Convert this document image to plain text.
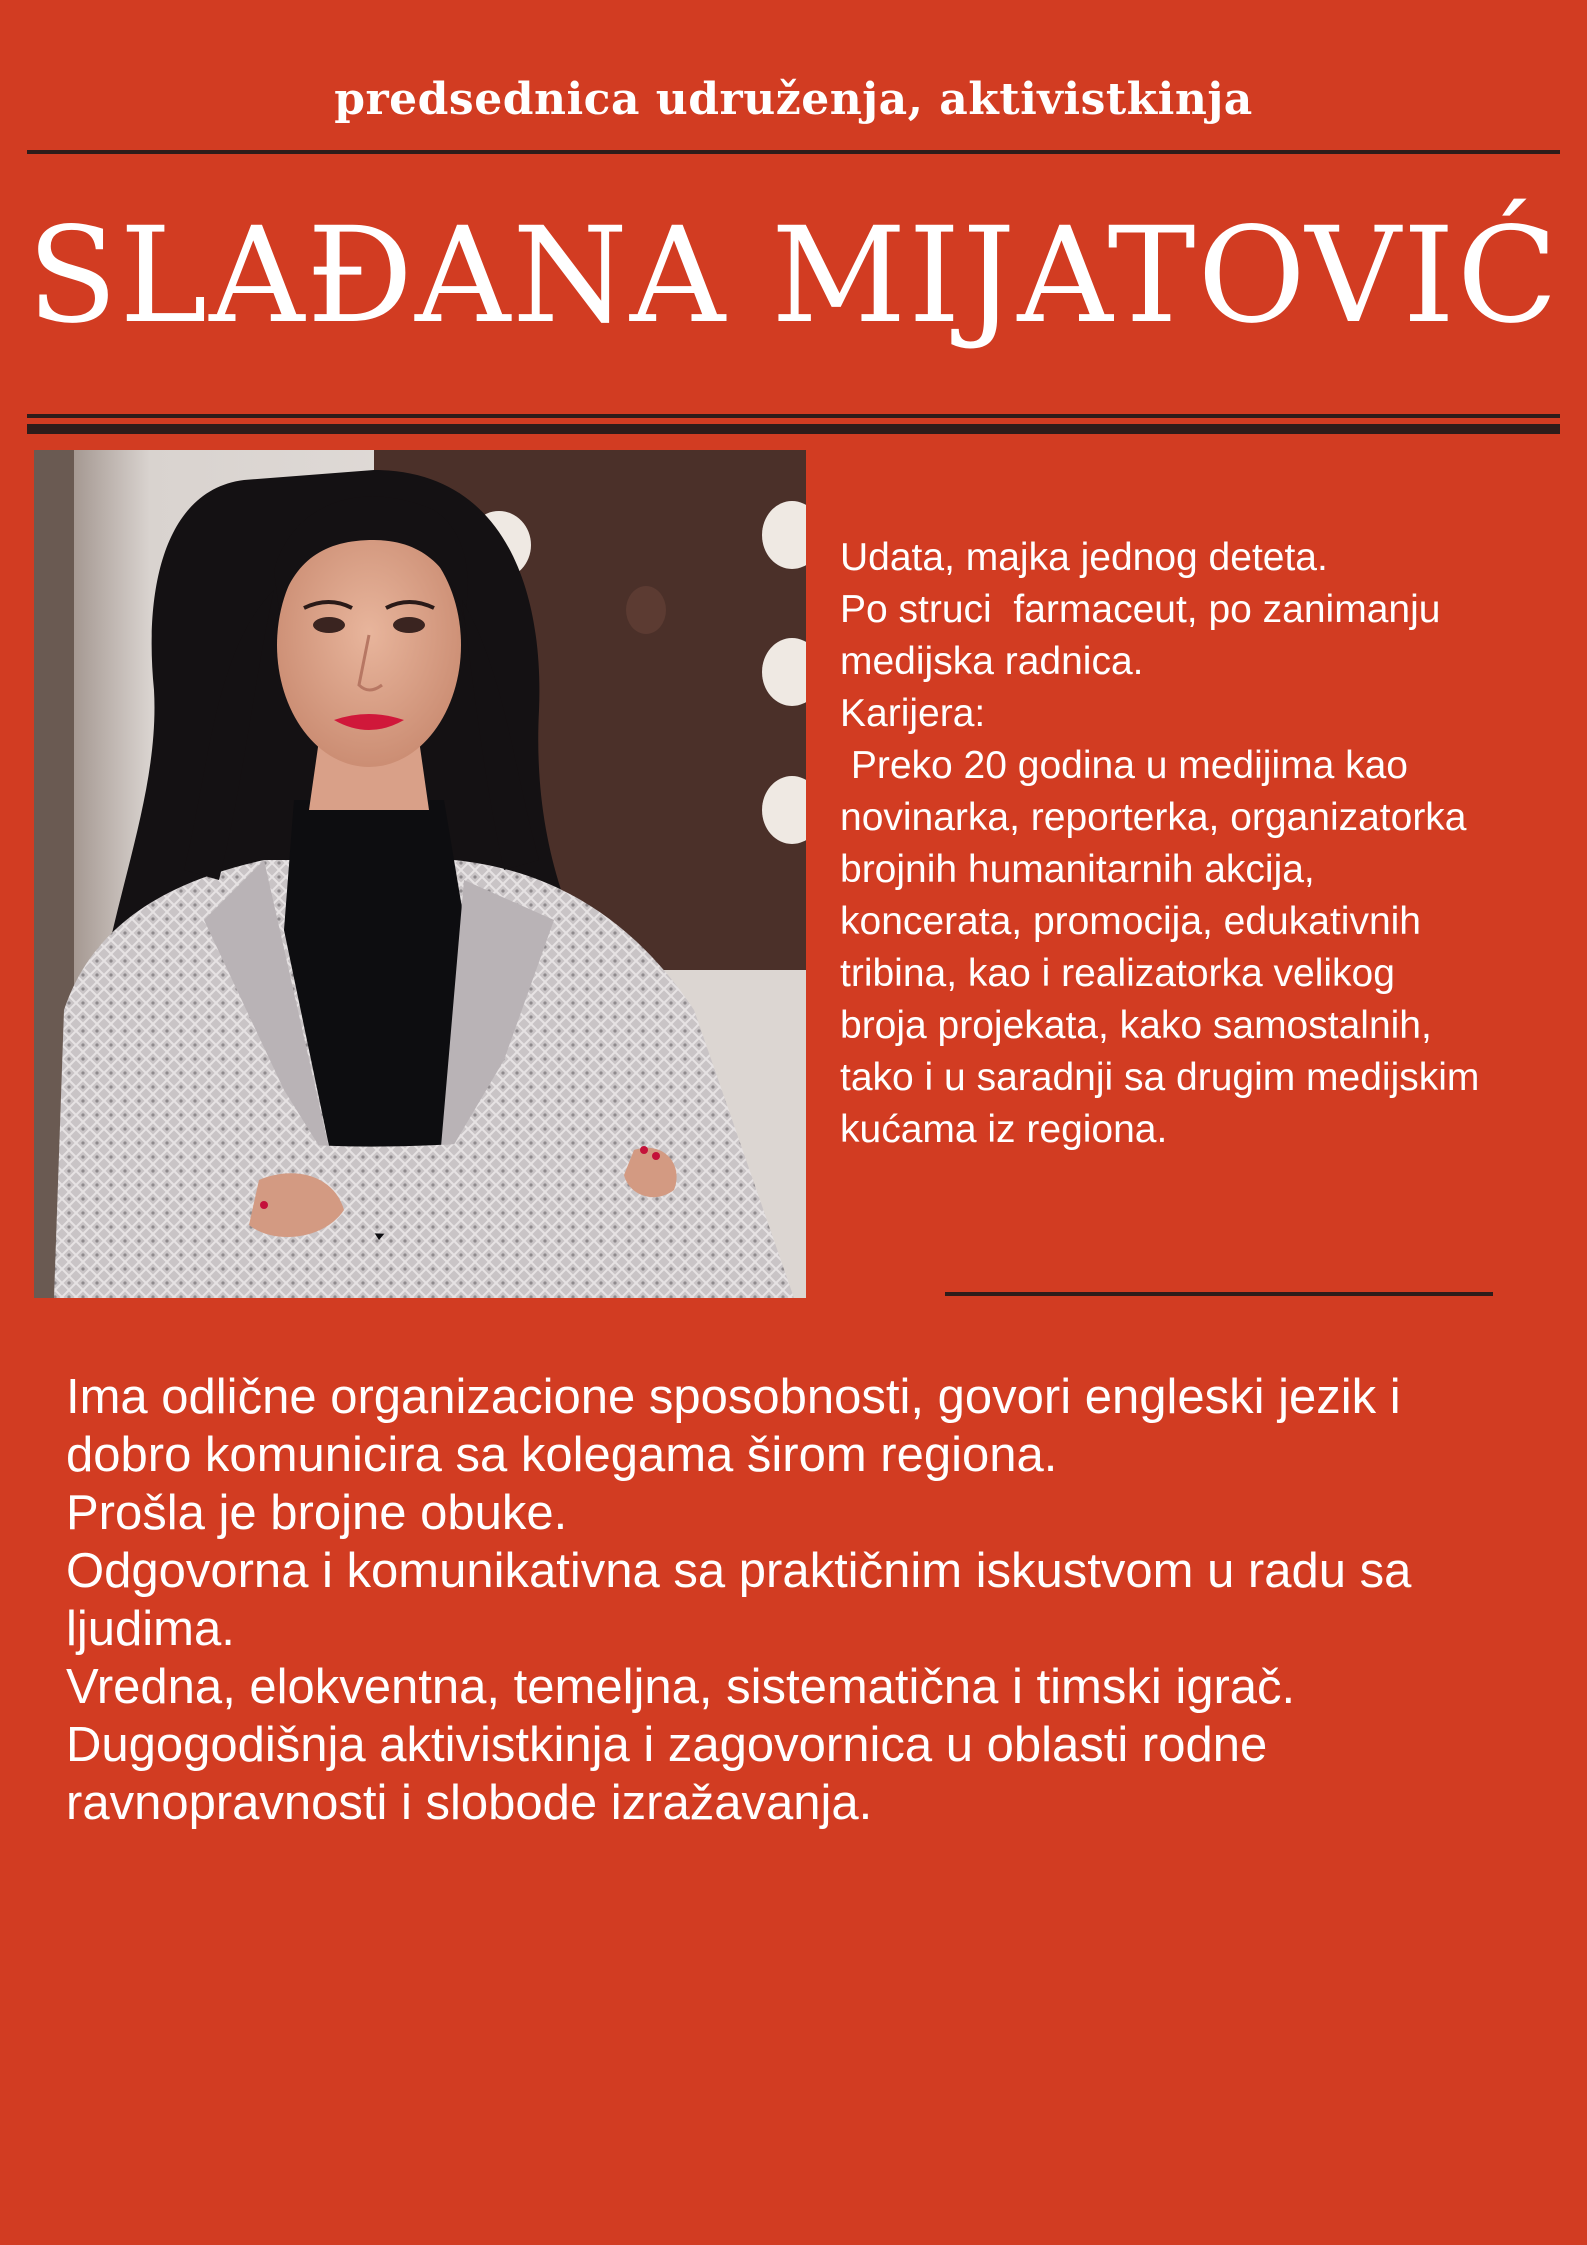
predsednica udruženja, aktivistkinja
SLAĐANA MIJATOVIĆ
Udata, majka jednog deteta.
Po struci  farmaceut, po zanimanju
medijska radnica.
Karijera:
Preko 20 godina u medijima kao
novinarka, reporterka, organizatorka
brojnih humanitarnih akcija,
koncerata, promocija, edukativnih
tribina, kao i realizatorka velikog
broja projekata, kako samostalnih,
tako i u saradnji sa drugim medijskim
kućama iz regiona.
Ima odlične organizacione sposobnosti, govori engleski jezik i
dobro komunicira sa kolegama širom regiona.
Prošla je brojne obuke.
Odgovorna i komunikativna sa praktičnim iskustvom u radu sa
ljudima.
Vredna, elokventna, temeljna, sistematična i timski igrač.
Dugogodišnja aktivistkinja i zagovornica u oblasti rodne
ravnopravnosti i slobode izražavanja.
